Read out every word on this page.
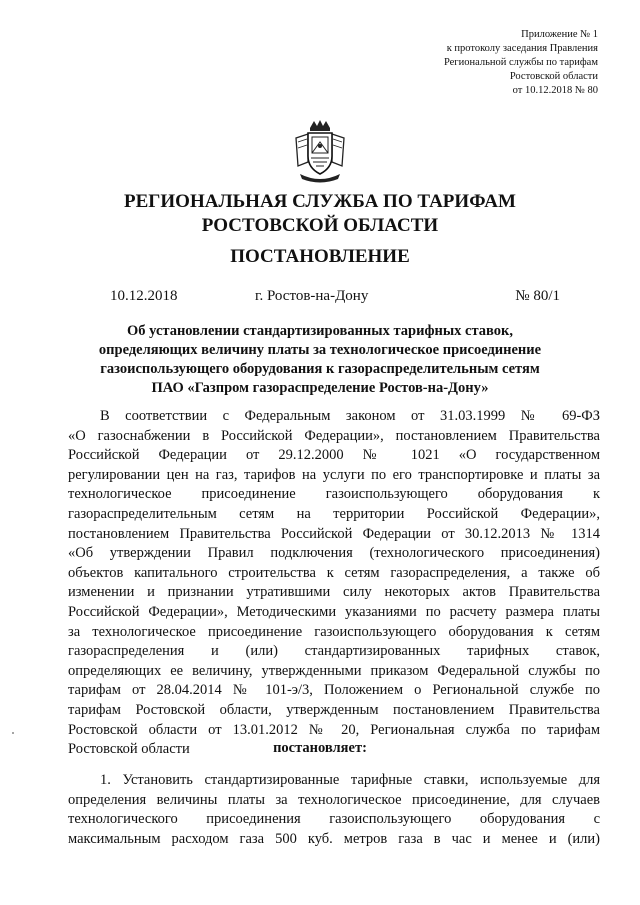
Приложение № 1
к протоколу заседания Правления
Региональной службы по тарифам
Ростовской области
от 10.12.2018 № 80
РЕГИОНАЛЬНАЯ СЛУЖБА ПО ТАРИФАМ
РОСТОВСКОЙ ОБЛАСТИ
ПОСТАНОВЛЕНИЕ
10.12.2018	г. Ростов-на-Дону	№ 80/1
Об установлении стандартизированных тарифных ставок,
определяющих величину платы за технологическое присоединение
газоиспользующего оборудования к газораспределительным сетям
ПАО «Газпром газораспределение Ростов-на-Дону»
В соответствии с Федеральным законом от 31.03.1999 № 69-ФЗ
«О газоснабжении в Российской Федерации», постановлением Правительства
Российской Федерации от 29.12.2000 № 1021 «О государственном
регулировании цен на газ, тарифов на услуги по его транспортировке и платы за
технологическое присоединение газоиспользующего оборудования к
газораспределительным сетям на территории Российской Федерации»,
постановлением Правительства Российской Федерации от 30.12.2013 № 1314
«Об утверждении Правил подключения (технологического присоединения)
объектов капитального строительства к сетям газораспределения, а также об
изменении и признании утратившими силу некоторых актов Правительства
Российской Федерации», Методическими указаниями по расчету размера платы
за технологическое присоединение газоиспользующего оборудования к сетям
газораспределения и (или) стандартизированных тарифных ставок,
определяющих ее величину, утвержденными приказом Федеральной службы по
тарифам от 28.04.2014 № 101-э/3, Положением о Региональной службе по
тарифам Ростовской области, утвержденным постановлением Правительства
Ростовской области от 13.01.2012 № 20, Региональная служба по тарифам
Ростовской области	постановляет:
1. Установить стандартизированные тарифные ставки, используемые для
определения величины платы за технологическое присоединение, для случаев
технологического присоединения газоиспользующего оборудования с
максимальным расходом газа 500 куб. метров газа в час и менее и (или)
